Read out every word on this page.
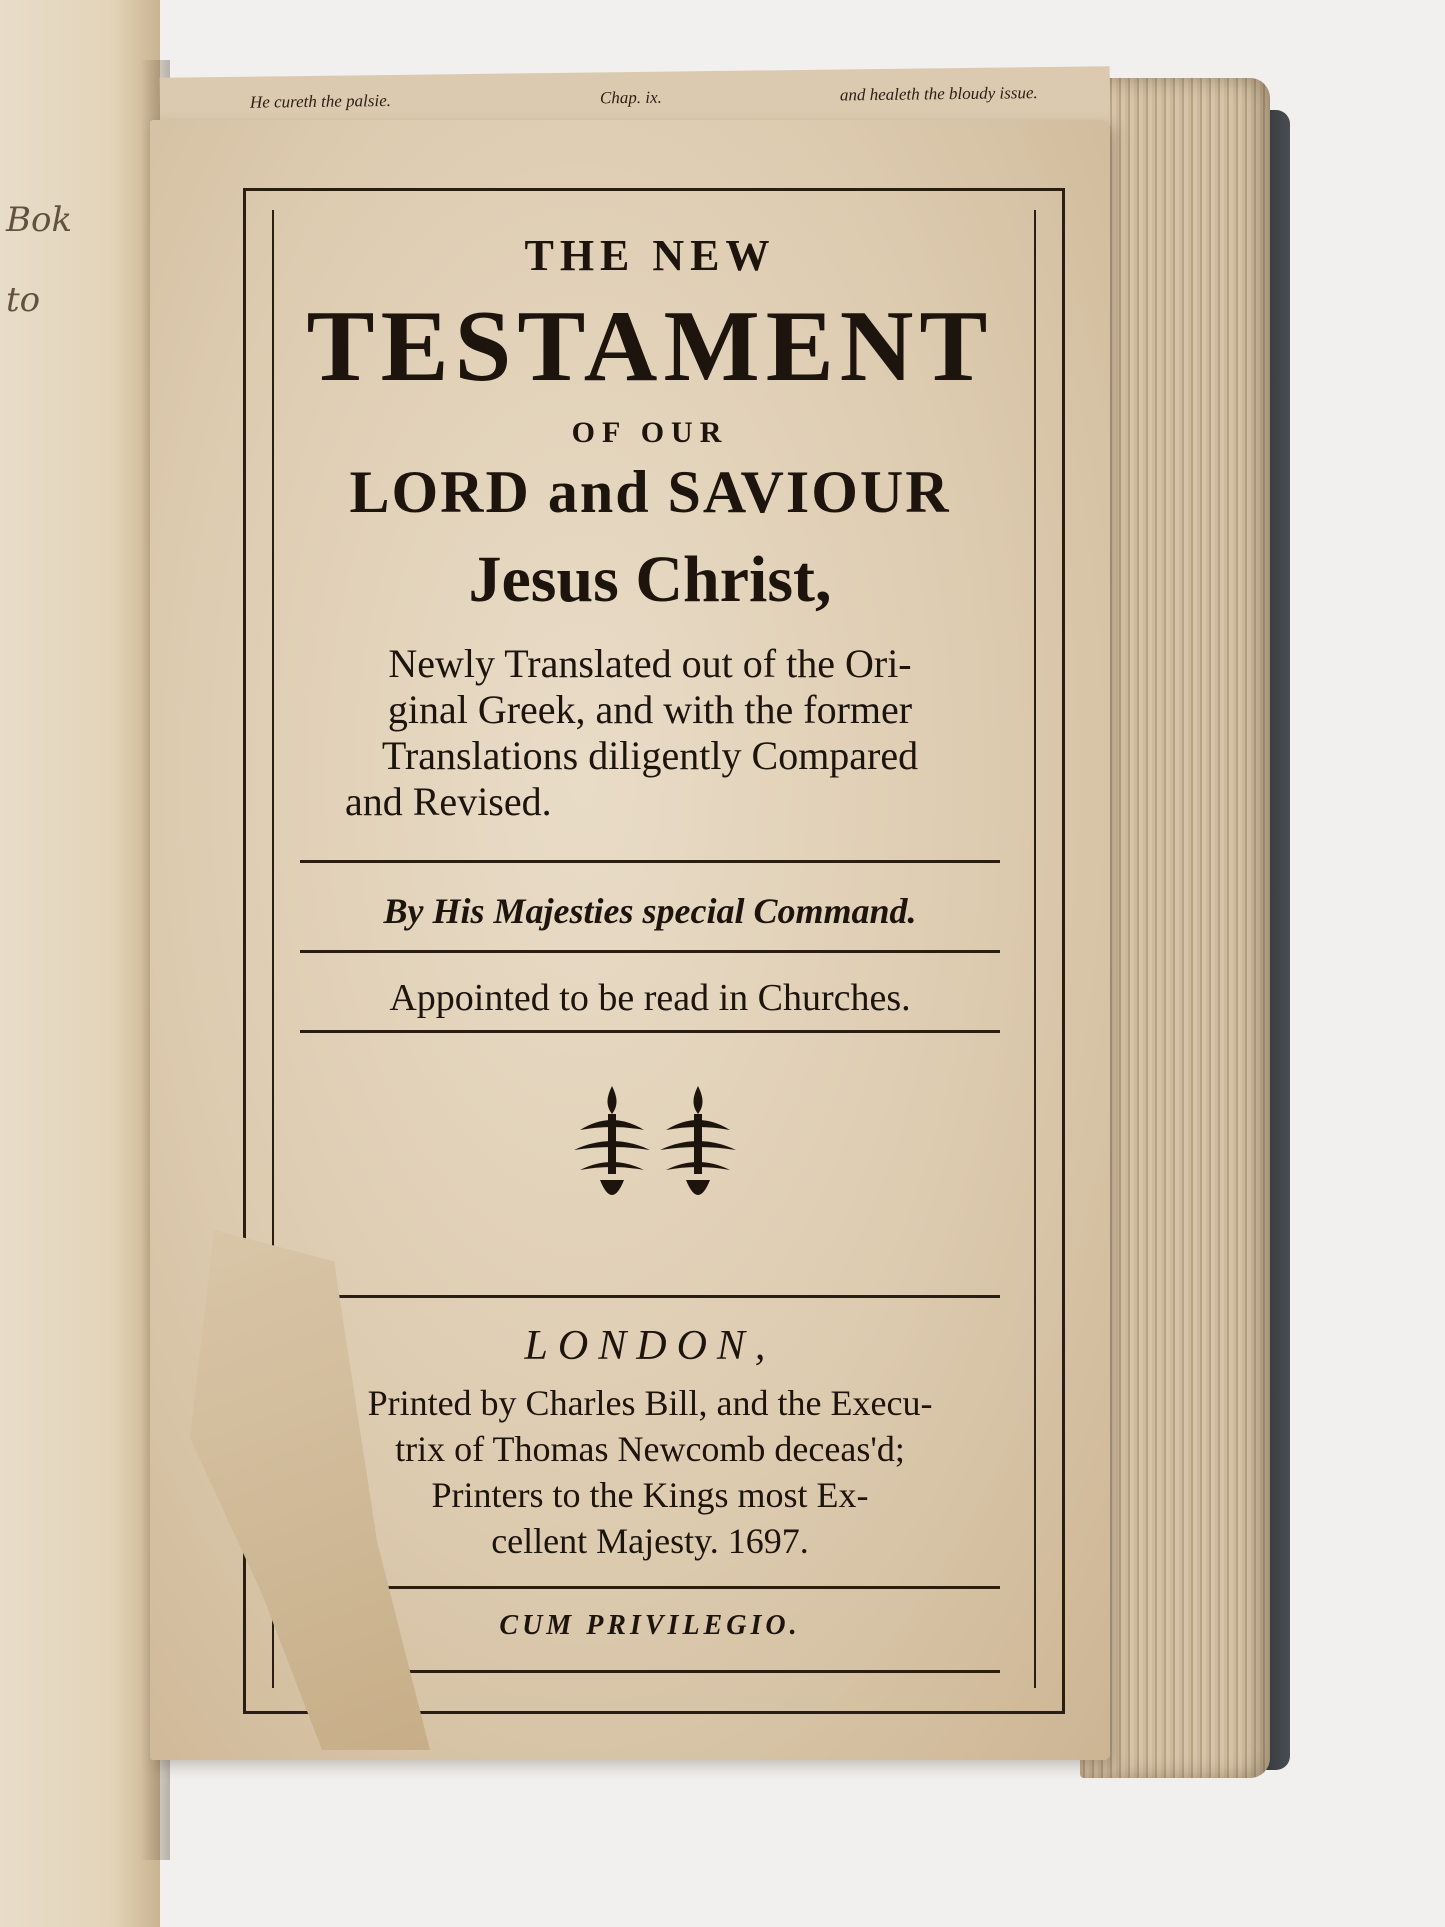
Bok
to
He cureth the palsie.	Chap. ix.	and healeth the bloudy issue.
THE NEW
TESTAMENT
OF OUR
LORD and SAVIOUR
Jesus Christ,
Newly Translated out of the Ori-
ginal Greek, and with the former
Translations diligently Compared
and Revised.
By His Majesties special Command.
Appointed to be read in Churches.
LONDON,
Printed by Charles Bill, and the Execu-
trix of Thomas Newcomb deceas'd;
Printers to the Kings most Ex-
cellent Majesty. 1697.
CUM PRIVILEGIO.
